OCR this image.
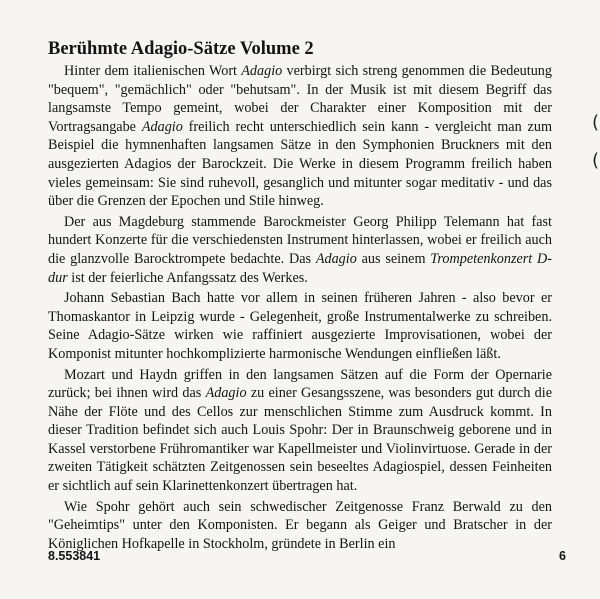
Berühmte Adagio-Sätze Volume 2

Hinter dem italienischen Wort Adagio verbirgt sich streng genommen die Bedeutung "bequem", "gemächlich" oder "behutsam". In der Musik ist mit diesem Begriff das langsamste Tempo gemeint, wobei der Charakter einer Komposition mit der Vortragsangabe Adagio freilich recht unterschiedlich sein kann - vergleicht man zum Beispiel die hymnenhaften langsamen Sätze in den Symphonien Bruckners mit den ausgezierten Adagios der Barockzeit. Die Werke in diesem Programm freilich haben vieles gemeinsam: Sie sind ruhevoll, gesanglich und mitunter sogar meditativ - und das über die Grenzen der Epochen und Stile hinweg.

Der aus Magdeburg stammende Barockmeister Georg Philipp Telemann hat fast hundert Konzerte für die verschiedensten Instrument hinterlassen, wobei er freilich auch die glanzvolle Barocktrompete bedachte. Das Adagio aus seinem Trompetenkonzert D-dur ist der feierliche Anfangssatz des Werkes.

Johann Sebastian Bach hatte vor allem in seinen früheren Jahren - also bevor er Thomaskantor in Leipzig wurde - Gelegenheit, große Instrumentalwerke zu schreiben. Seine Adagio-Sätze wirken wie raffiniert ausgezierte Improvisationen, wobei der Komponist mitunter hochkomplizierte harmonische Wendungen einfließen läßt.

Mozart und Haydn griffen in den langsamen Sätzen auf die Form der Opernarie zurück; bei ihnen wird das Adagio zu einer Gesangsszene, was besonders gut durch die Nähe der Flöte und des Cellos zur menschlichen Stimme zum Ausdruck kommt. In dieser Tradition befindet sich auch Louis Spohr: Der in Braunschweig geborene und in Kassel verstorbene Frühromantiker war Kapellmeister und Violinvirtuose. Gerade in der zweiten Tätigkeit schätzten Zeitgenossen sein beseeltes Adagiospiel, dessen Feinheiten er sichtlich auf sein Klarinettenkonzert übertragen hat.

Wie Spohr gehört auch sein schwedischer Zeitgenosse Franz Berwald zu den "Geheimtips" unter den Komponisten. Er begann als Geiger und Bratscher in der Königlichen Hofkapelle in Stockholm, gründete in Berlin ein

(
(
8.553841	6
